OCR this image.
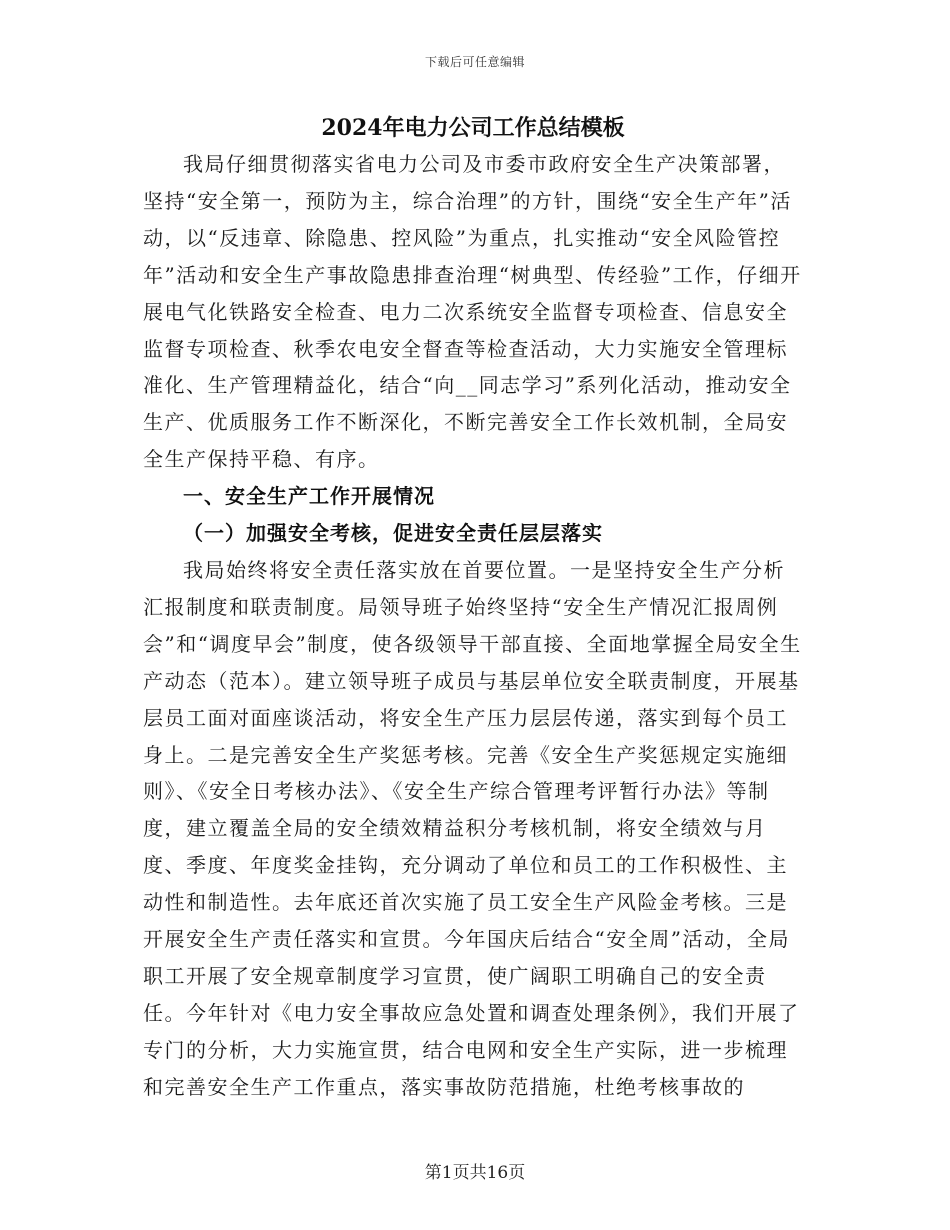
下载后可任意编辑
2024年电力公司工作总结模板

我局仔细贯彻落实省电力公司及市委市政府安全生产决策部署，坚持“安全第一，预防为主，综合治理”的方针，围绕“安全生产年”活动，以“反违章、除隐患、控风险”为重点，扎实推动“安全风险管控年”活动和安全生产事故隐患排查治理“树典型、传经验”工作，仔细开展电气化铁路安全检查、电力二次系统安全监督专项检查、信息安全监督专项检查、秋季农电安全督查等检查活动，大力实施安全管理标准化、生产管理精益化，结合“向__同志学习”系列化活动，推动安全生产、优质服务工作不断深化，不断完善安全工作长效机制，全局安全生产保持平稳、有序。

一、安全生产工作开展情况

（一）加强安全考核，促进安全责任层层落实

我局始终将安全责任落实放在首要位置。一是坚持安全生产分析汇报制度和联责制度。局领导班子始终坚持“安全生产情况汇报周例会”和“调度早会”制度，使各级领导干部直接、全面地掌握全局安全生产动态（范本）。建立领导班子成员与基层单位安全联责制度，开展基层员工面对面座谈活动，将安全生产压力层层传递，落实到每个员工身上。二是完善安全生产奖惩考核。完善《安全生产奖惩规定实施细则》、《安全日考核办法》、《安全生产综合管理考评暂行办法》等制度，建立覆盖全局的安全绩效精益积分考核机制，将安全绩效与月度、季度、年度奖金挂钩，充分调动了单位和员工的工作积极性、主动性和制造性。去年底还首次实施了员工安全生产风险金考核。三是开展安全生产责任落实和宣贯。今年国庆后结合“安全周”活动，全局职工开展了安全规章制度学习宣贯，使广阔职工明确自己的安全责任。今年针对《电力安全事故应急处置和调查处理条例》，我们开展了专门的分析，大力实施宣贯，结合电网和安全生产实际，进一步梳理和完善安全生产工作重点，落实事故防范措施，杜绝考核事故的

第1页共16页
